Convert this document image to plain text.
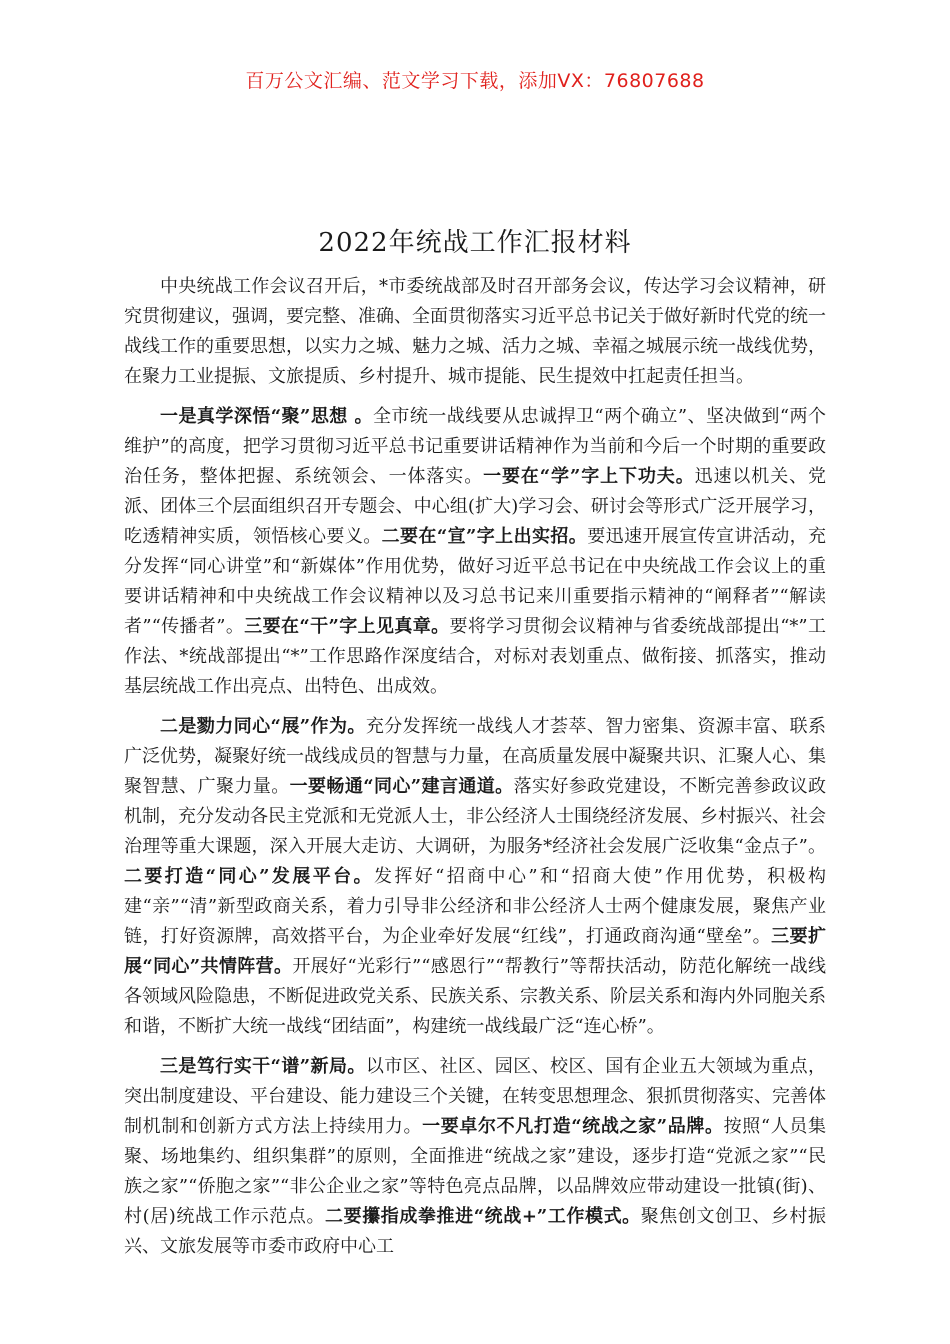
百万公文汇编、范文学习下载，添加VX：76807688
2022年统战工作汇报材料

中央统战工作会议召开后，*市委统战部及时召开部务会议，传达学习会议精神，研究贯彻建议，强调，要完整、准确、全面贯彻落实习近平总书记关于做好新时代党的统一战线工作的重要思想，以实力之城、魅力之城、活力之城、幸福之城展示统一战线优势，在聚力工业提振、文旅提质、乡村提升、城市提能、民生提效中扛起责任担当。

一是真学深悟“聚”思想 。全市统一战线要从忠诚捍卫“两个确立”、坚决做到“两个维护”的高度，把学习贯彻习近平总书记重要讲话精神作为当前和今后一个时期的重要政治任务，整体把握、系统领会、一体落实。一要在“学”字上下功夫。迅速以机关、党派、团体三个层面组织召开专题会、中心组(扩大)学习会、研讨会等形式广泛开展学习，吃透精神实质，领悟核心要义。二要在“宣”字上出实招。要迅速开展宣传宣讲活动，充分发挥“同心讲堂”和“新媒体”作用优势，做好习近平总书记在中央统战工作会议上的重要讲话精神和中央统战工作会议精神以及习总书记来川重要指示精神的“阐释者”“解读者”“传播者”。三要在“干”字上见真章。要将学习贯彻会议精神与省委统战部提出“*”工作法、*统战部提出“*”工作思路作深度结合，对标对表划重点、做衔接、抓落实，推动基层统战工作出亮点、出特色、出成效。

二是勠力同心“展”作为。充分发挥统一战线人才荟萃、智力密集、资源丰富、联系广泛优势，凝聚好统一战线成员的智慧与力量，在高质量发展中凝聚共识、汇聚人心、集聚智慧、广聚力量。一要畅通“同心”建言通道。落实好参政党建设，不断完善参政议政机制，充分发动各民主党派和无党派人士，非公经济人士围绕经济发展、乡村振兴、社会治理等重大课题，深入开展大走访、大调研，为服务*经济社会发展广泛收集“金点子”。二要打造“同心”发展平台。发挥好“招商中心”和“招商大使”作用优势，积极构建“亲”“清”新型政商关系，着力引导非公经济和非公经济人士两个健康发展，聚焦产业链，打好资源牌，高效搭平台，为企业牵好发展“红线”，打通政商沟通“壁垒”。三要扩展“同心”共情阵营。开展好“光彩行”“感恩行”“帮教行”等帮扶活动，防范化解统一战线各领域风险隐患，不断促进政党关系、民族关系、宗教关系、阶层关系和海内外同胞关系和谐，不断扩大统一战线“团结面”，构建统一战线最广泛“连心桥”。

三是笃行实干“谱”新局。以市区、社区、园区、校区、国有企业五大领域为重点，突出制度建设、平台建设、能力建设三个关键，在转变思想理念、狠抓贯彻落实、完善体制机制和创新方式方法上持续用力。一要卓尔不凡打造“统战之家”品牌。按照“人员集聚、场地集约、组织集群”的原则，全面推进“统战之家”建设，逐步打造“党派之家”“民族之家”“侨胞之家”“非公企业之家”等特色亮点品牌，以品牌效应带动建设一批镇(街)、村(居)统战工作示范点。二要攥指成拳推进“统战+”工作模式。聚焦创文创卫、乡村振兴、文旅发展等市委市政府中心工
